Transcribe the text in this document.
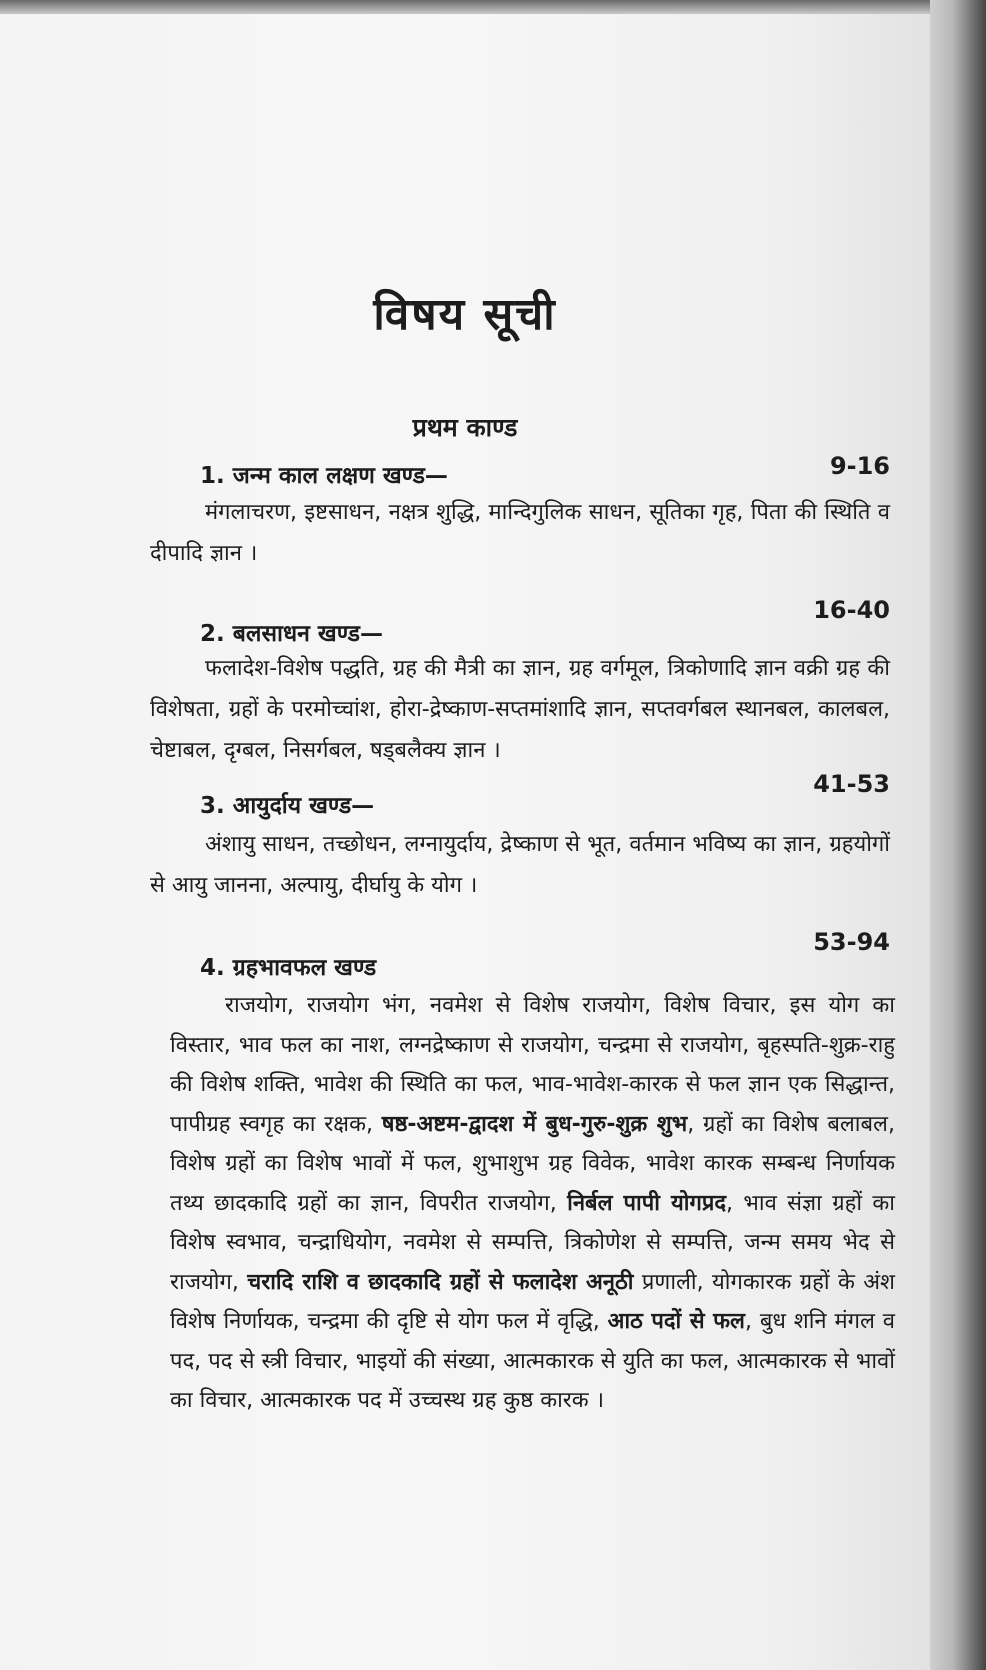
विषय सूची
प्रथम काण्ड
1. जन्म काल लक्षण खण्ड—	9-16
मंगलाचरण, इष्टसाधन, नक्षत्र शुद्धि, मान्दिगुलिक साधन, सूतिका गृह, पिता की स्थिति व दीपादि ज्ञान ।
2. बलसाधन खण्ड—
16-40
फलादेश-विशेष पद्धति, ग्रह की मैत्री का ज्ञान, ग्रह वर्गमूल, त्रिकोणादि ज्ञान वक्री ग्रह की विशेषता, ग्रहों के परमोच्चांश, होरा-द्रेष्काण-सप्तमांशादि ज्ञान, सप्तवर्गबल स्थानबल, कालबल, चेष्टाबल, दृग्बल, निसर्गबल, षड्बलैक्य ज्ञान ।
3. आयुर्दाय खण्ड—
41-53
अंशायु साधन, तच्छोधन, लग्नायुर्दाय, द्रेष्काण से भूत, वर्तमान भविष्य का ज्ञान, ग्रहयोगों से आयु जानना, अल्पायु, दीर्घायु के योग ।
4. ग्रहभावफल खण्ड
53-94
राजयोग, राजयोग भंग, नवमेश से विशेष राजयोग, विशेष विचार, इस योग का विस्तार, भाव फल का नाश, लग्नद्रेष्काण से राजयोग, चन्द्रमा से राजयोग, बृहस्पति-शुक्र-राहु की विशेष शक्ति, भावेश की स्थिति का फल, भाव-भावेश-कारक से फल ज्ञान एक सिद्धान्त, पापीग्रह स्वगृह का रक्षक, षष्ठ-अष्टम-द्वादश में बुध-गुरु-शुक्र शुभ, ग्रहों का विशेष बलाबल, विशेष ग्रहों का विशेष भावों में फल, शुभाशुभ ग्रह विवेक, भावेश कारक सम्बन्ध निर्णायक तथ्य छादकादि ग्रहों का ज्ञान, विपरीत राजयोग, निर्बल पापी योगप्रद, भाव संज्ञा ग्रहों का विशेष स्वभाव, चन्द्राधियोग, नवमेश से सम्पत्ति, त्रिकोणेश से सम्पत्ति, जन्म समय भेद से राजयोग, चरादि राशि व छादकादि ग्रहों से फलादेश अनूठी प्रणाली, योगकारक ग्रहों के अंश विशेष निर्णायक, चन्द्रमा की दृष्टि से योग फल में वृद्धि, आठ पदों से फल, बुध शनि मंगल व पद, पद से स्त्री विचार, भाइयों की संख्या, आत्मकारक से युति का फल, आत्मकारक से भावों का विचार, आत्मकारक पद में उच्चस्थ ग्रह कुष्ठ कारक ।
